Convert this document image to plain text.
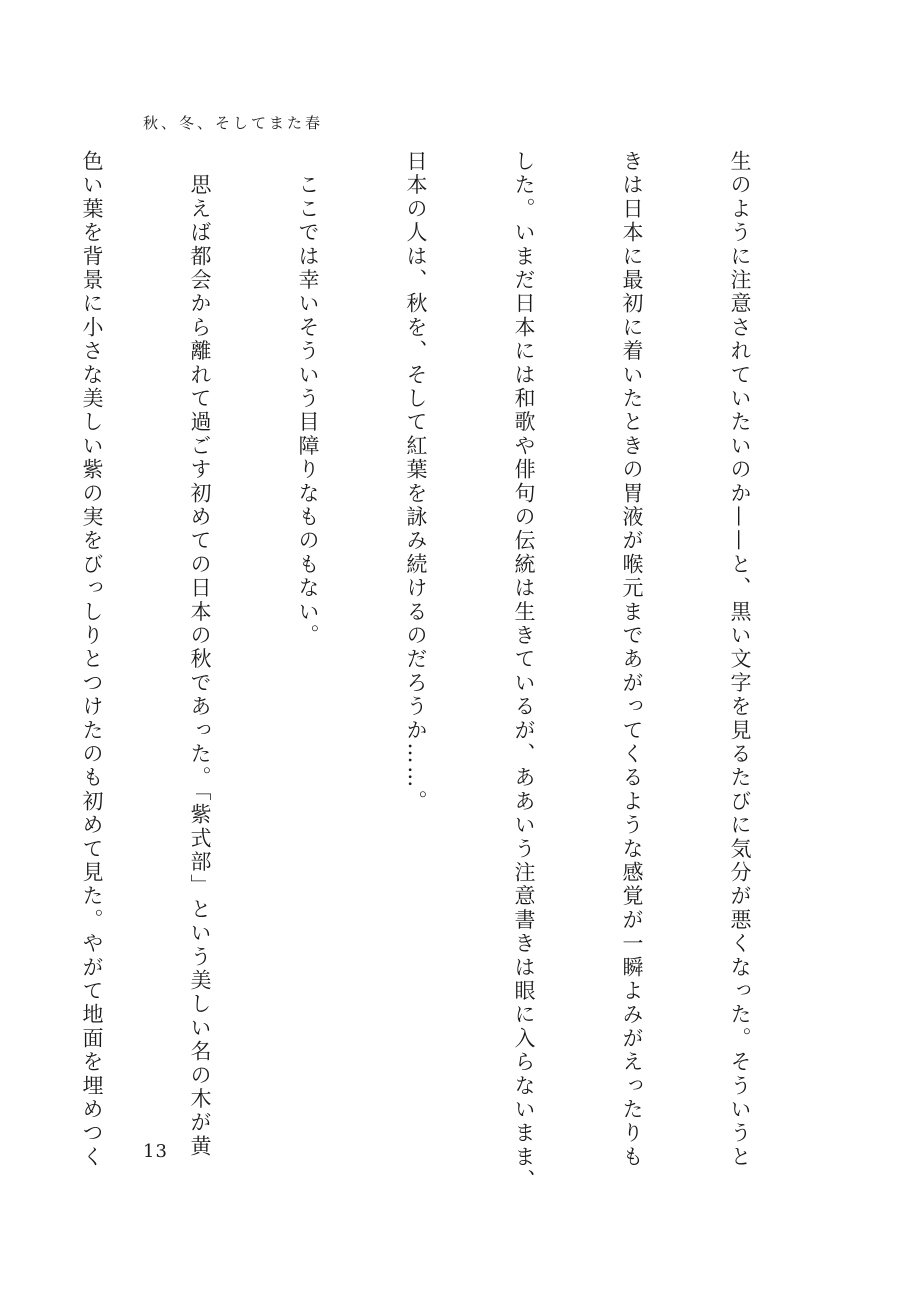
秋、冬、そしてまた春

生のように注意されていたいのか——と、黒い文字を見るたびに気分が悪くなった。そういうと

きは日本に最初に着いたときの胃液が喉元まであがってくるような感覚が一瞬よみがえったりも

した。いまだ日本には和歌や俳句の伝統は生きているが、ああいう注意書きは眼に入らないまま、

日本の人は、秋を、そして紅葉を詠み続けるのだろうか……。

　ここでは幸いそういう目障りなものもない。

　思えば都会から離れて過ごす初めての日本の秋であった。「紫式部」という美しい名の木が黄

色い葉を背景に小さな美しい紫の実をびっしりとつけたのも初めて見た。やがて地面を埋めつく

	13
